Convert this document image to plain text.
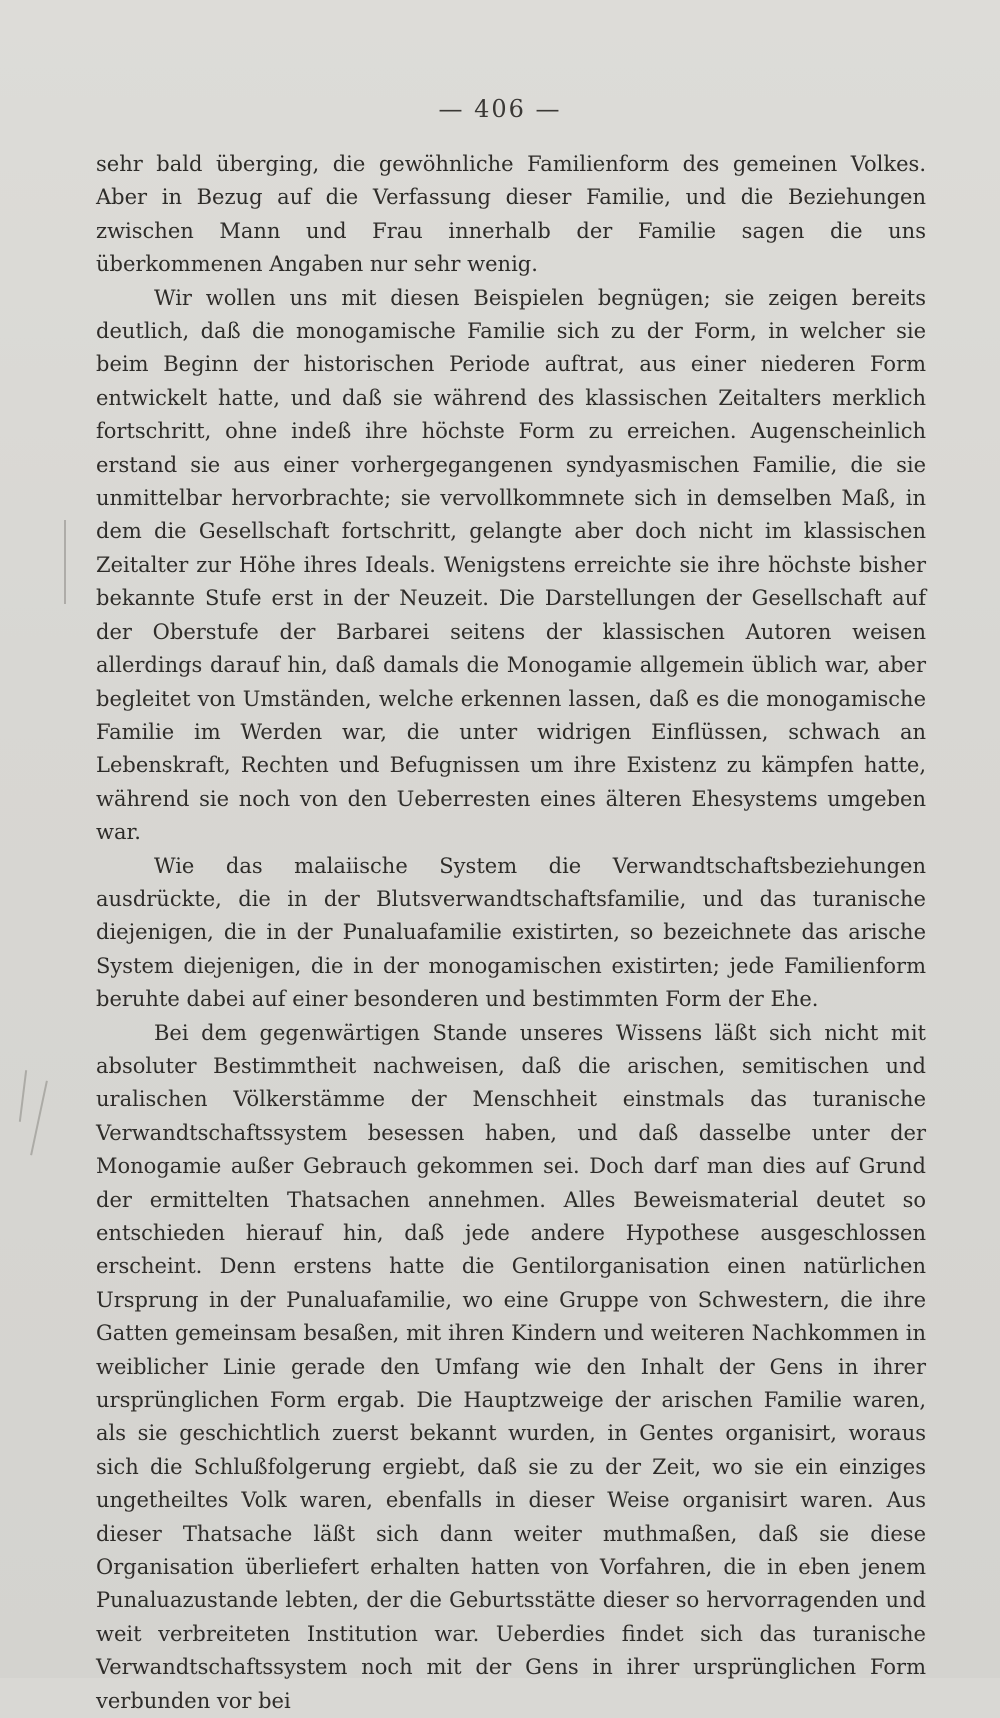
— 406 —

sehr bald überging, die gewöhnliche Familienform des gemeinen Volkes. Aber in Bezug auf die Verfassung dieser Familie, und die Beziehungen zwischen Mann und Frau innerhalb der Familie sagen die uns überkommenen Angaben nur sehr wenig.

Wir wollen uns mit diesen Beispielen begnügen; sie zeigen bereits deutlich, daß die monogamische Familie sich zu der Form, in welcher sie beim Beginn der historischen Periode auftrat, aus einer niederen Form entwickelt hatte, und daß sie während des klassischen Zeitalters merklich fortschritt, ohne indeß ihre höchste Form zu erreichen. Augenscheinlich erstand sie aus einer vorhergegangenen syndyasmischen Familie, die sie unmittelbar hervorbrachte; sie vervollkommnete sich in demselben Maß, in dem die Gesellschaft fortschritt, gelangte aber doch nicht im klassischen Zeitalter zur Höhe ihres Ideals. Wenigstens erreichte sie ihre höchste bisher bekannte Stufe erst in der Neuzeit. Die Darstellungen der Gesellschaft auf der Oberstufe der Barbarei seitens der klassischen Autoren weisen allerdings darauf hin, daß damals die Monogamie allgemein üblich war, aber begleitet von Umständen, welche erkennen lassen, daß es die monogamische Familie im Werden war, die unter widrigen Einflüssen, schwach an Lebenskraft, Rechten und Befugnissen um ihre Existenz zu kämpfen hatte, während sie noch von den Ueberresten eines älteren Ehesystems umgeben war.

Wie das malaiische System die Verwandtschaftsbeziehungen ausdrückte, die in der Blutsverwandtschaftsfamilie, und das turanische diejenigen, die in der Punaluafamilie existirten, so bezeichnete das arische System diejenigen, die in der monogamischen existirten; jede Familienform beruhte dabei auf einer besonderen und bestimmten Form der Ehe.

Bei dem gegenwärtigen Stande unseres Wissens läßt sich nicht mit absoluter Bestimmtheit nachweisen, daß die arischen, semitischen und uralischen Völkerstämme der Menschheit einstmals das turanische Verwandtschaftssystem besessen haben, und daß dasselbe unter der Monogamie außer Gebrauch gekommen sei. Doch darf man dies auf Grund der ermittelten Thatsachen annehmen. Alles Beweismaterial deutet so entschieden hierauf hin, daß jede andere Hypothese ausgeschlossen erscheint. Denn erstens hatte die Gentilorganisation einen natürlichen Ursprung in der Punaluafamilie, wo eine Gruppe von Schwestern, die ihre Gatten gemeinsam besaßen, mit ihren Kindern und weiteren Nachkommen in weiblicher Linie gerade den Umfang wie den Inhalt der Gens in ihrer ursprünglichen Form ergab. Die Hauptzweige der arischen Familie waren, als sie geschichtlich zuerst bekannt wurden, in Gentes organisirt, woraus sich die Schlußfolgerung ergiebt, daß sie zu der Zeit, wo sie ein einziges ungetheiltes Volk waren, ebenfalls in dieser Weise organisirt waren. Aus dieser Thatsache läßt sich dann weiter muthmaßen, daß sie diese Organisation überliefert erhalten hatten von Vorfahren, die in eben jenem Punaluazustande lebten, der die Geburtsstätte dieser so hervorragenden und weit verbreiteten Institution war. Ueberdies findet sich das turanische Verwandtschaftssystem noch mit der Gens in ihrer ursprünglichen Form verbunden vor bei
